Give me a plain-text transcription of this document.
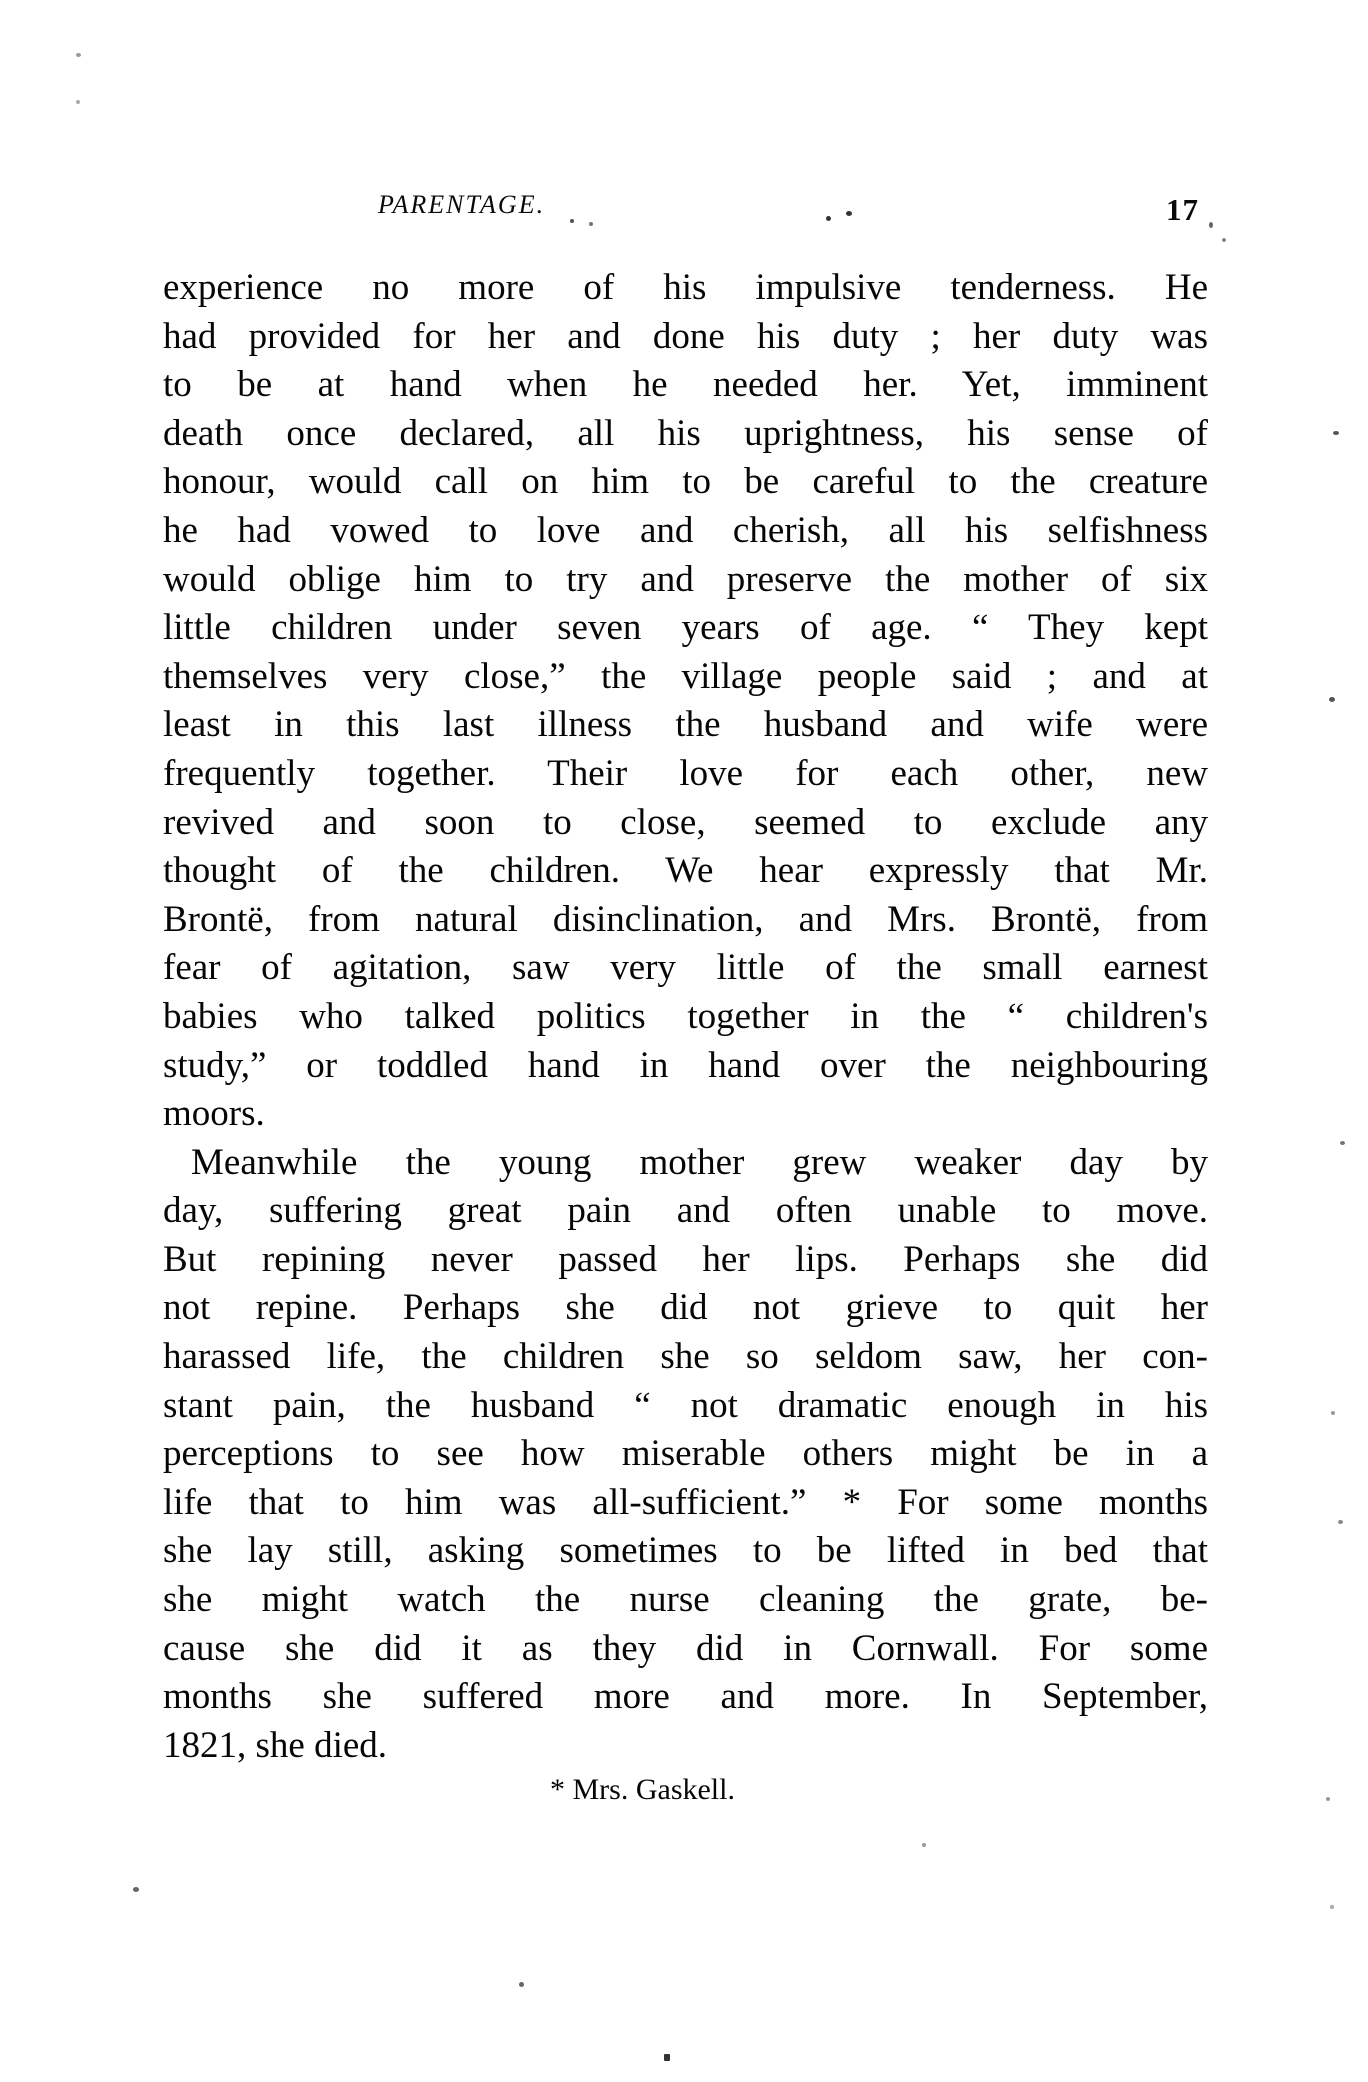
PARENTAGE.	17
experience no more of his impulsive tenderness. He
had provided for her and done his duty ; her duty was
to be at hand when he needed her. Yet, imminent
death once declared, all his uprightness, his sense of
honour, would call on him to be careful to the creature
he had vowed to love and cherish, all his selfishness
would oblige him to try and preserve the mother of six
little children under seven years of age. “ They kept
themselves very close,” the village people said ; and at
least in this last illness the husband and wife were
frequently together. Their love for each other, new
revived and soon to close, seemed to exclude any
thought of the children. We hear expressly that Mr.
Brontë, from natural disinclination, and Mrs. Brontë, from
fear of agitation, saw very little of the small earnest
babies who talked politics together in the “ children's
study,” or toddled hand in hand over the neighbouring
moors.
Meanwhile the young mother grew weaker day by
day, suffering great pain and often unable to move.
But repining never passed her lips. Perhaps she did
not repine. Perhaps she did not grieve to quit her
harassed life, the children she so seldom saw, her con-
stant pain, the husband “ not dramatic enough in his
perceptions to see how miserable others might be in a
life that to him was all-sufficient.” * For some months
she lay still, asking sometimes to be lifted in bed that
she might watch the nurse cleaning the grate, be-
cause she did it as they did in Cornwall. For some
months she suffered more and more. In September,
1821, she died.
* Mrs. Gaskell.
